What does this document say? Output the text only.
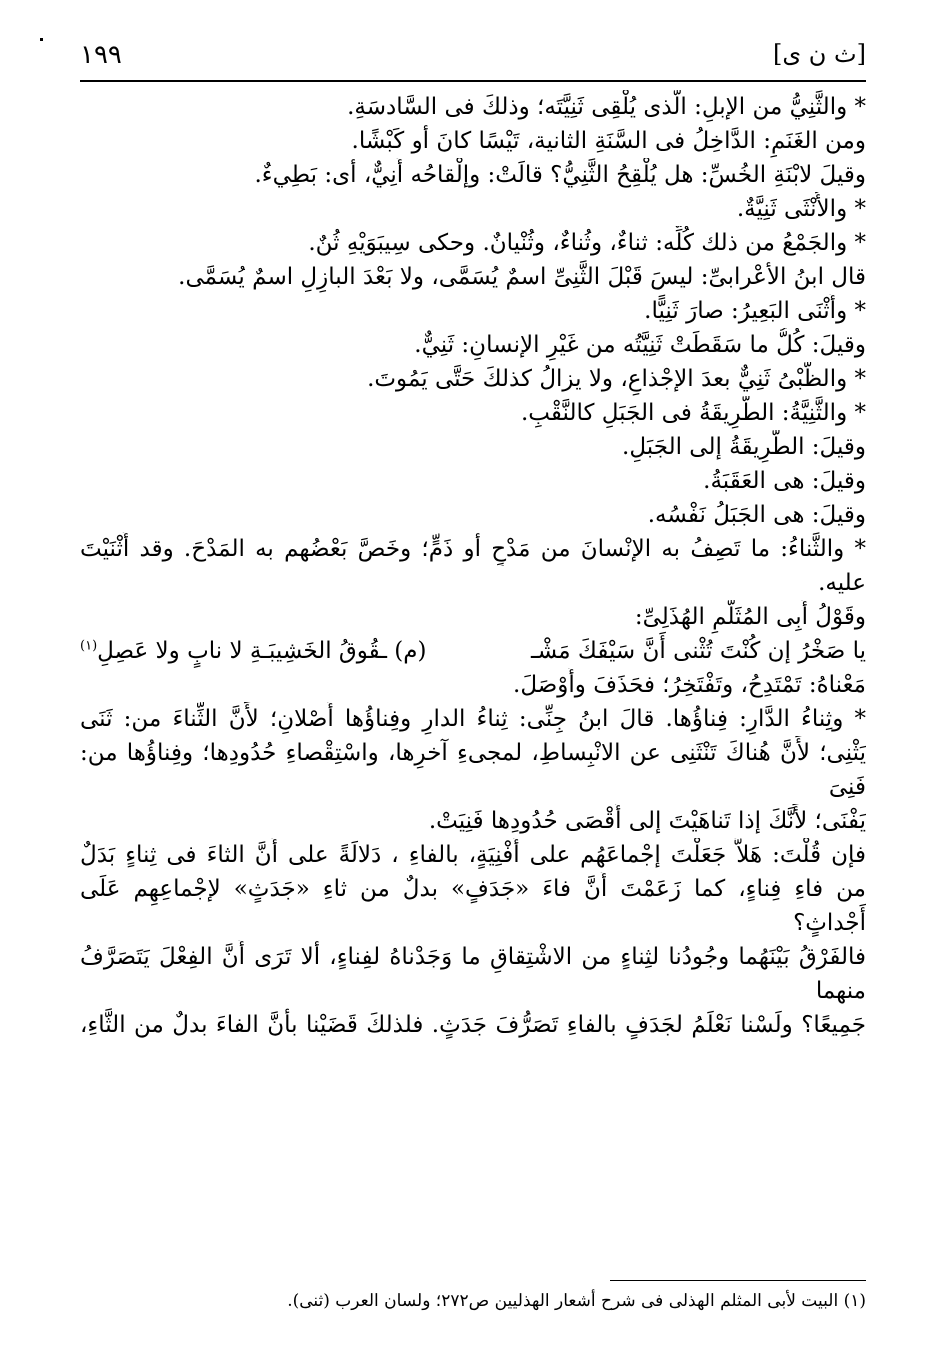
١٩٩	[ث ن ى]
* والثَّنِيُّ من الإبلِ: الَّذى يُلْقِى ثَنِيَّتَه؛ وذلكَ فى السَّادسَةِ.
ومن الغَنَمِ: الدَّاخِلُ فى السَّنَةِ الثانية، تَيْسًا كانَ أو كَبْشًا.
وقيلَ لابْنَةِ الخُسِّ: هل يُلْقِحُ الثَّنِيُّ؟ قالَتْ: وإلْقاحُه أَنِيٌّ، أى: بَطِيءٌ.
* والأُنْثَى ثَنِيَّةٌ.
* والجَمْعُ من ذلك كُلِّه: ثناءٌ، وثُناءٌ، وثُنْيانٌ. وحكى سِيبَوَيْهِ ثُنٌ.
قال ابنُ الأعْرابىِّ: ليسَ قَبْلَ الثَّنِىِّ اسمٌ يُسَمَّى، ولا بَعْدَ البازِلِ اسمٌ يُسَمَّى.
* وأَثْنَى البَعِيرُ: صارَ ثَنِيًّا.
وقيلَ: كُلُّ ما سَقَطَتْ ثَنِيَّتُه من غَيْرِ الإنسانِ: ثَنِيٌّ.
* والظَّبْىُ ثَنِيٌّ بعدَ الإجْذاعِ، ولا يزالُ كذلكَ حَتَّى يَمُوتَ.
* والثَّنِيَّةُ: الطَّرِيقَةُ فى الجَبَلِ كالنَّقْبِ.
وقيلَ: الطَّرِيقَةُ إلى الجَبَلِ.
وقيلَ: هى العَقَبَةُ.
وقيلَ: هى الجَبَلُ نَفْسُه.
* والثَّناءُ: ما تَصِفُ به الإنْسانَ من مَدْحٍ أو ذَمٍّ؛ وخَصَّ بَعْضُهم به المَدْحَ. وقد أَثْنَيْتَ
عليه.
وقَوْلُ أَبِى المُثَلَّمِ الهُذَلِىِّ:
يا صَخْرُ إن كُنْتَ تُثْنى أَنَّ سَيْفَكَ مَشْـ
(م) ـقُوقُ الخَشِيبَـةِ لا نابٍ ولا عَصِلِ$^{(١)}$
مَعْناهُ: تَمْتَدِحُ، وتَفْتَخِرُ؛ فحَذَفَ وأَوْصَلَ.
* وثِناءُ الدَّارِ: فِناؤُها. قالَ ابنُ جِنِّى: ثِناءُ الدارِ وفِناؤُها أَصْلانِ؛ لأَنَّ الثِّناءَ من: ثَنَى
يَثْنِى؛ لأَنَّ هُناكَ تَنْثَنِى عن الانْبِساطِ، لمجىءِ آخرِها، واسْتِقْصاءِ حُدُودِها؛ وفِناؤُها من: فَنِىَ
يَفْنَى؛ لأَنَّكَ إذا تَناهَيْتَ إلى أَقْصَى حُدُودِها فَنِيَتْ.
فإن قُلْتَ: هَلاَّ جَعَلْتَ إجْماعَهُم على أَفْنِيَةٍ، بالفاءِ ، دَلالَةً على أَنَّ الثاءَ فى ثِناءٍ بَدَلٌ
من فاءِ فِناءٍ، كما زَعَمْتَ أَنَّ فاءَ «جَدَفٍ» بدلٌ من ثاءِ «جَدَثٍ» لإجْماعِهِم عَلَى أَجْداثٍ؟
فالفَرْقُ بَيْنَهُما وجُودُنا لثِناءٍ من الاشْتِقاقِ ما وَجَدْناهُ لفِناءٍ، ألا تَرَى أَنَّ الفِعْلَ يَتَصَرَّفُ منهما
جَمِيعًا؟ ولَسْنا نَعْلَمُ لجَدَفٍ بالفاءِ تَصَرُّفَ جَدَثٍ. فلذلكَ قَضَيْنا بأَنَّ الفاءَ بدلٌ من الثَّاءِ،
(١) البيت لأبى المثلم الهذلى فى شرح أشعار الهذليين ص٢٧٢؛ ولسان العرب (ثنى).
